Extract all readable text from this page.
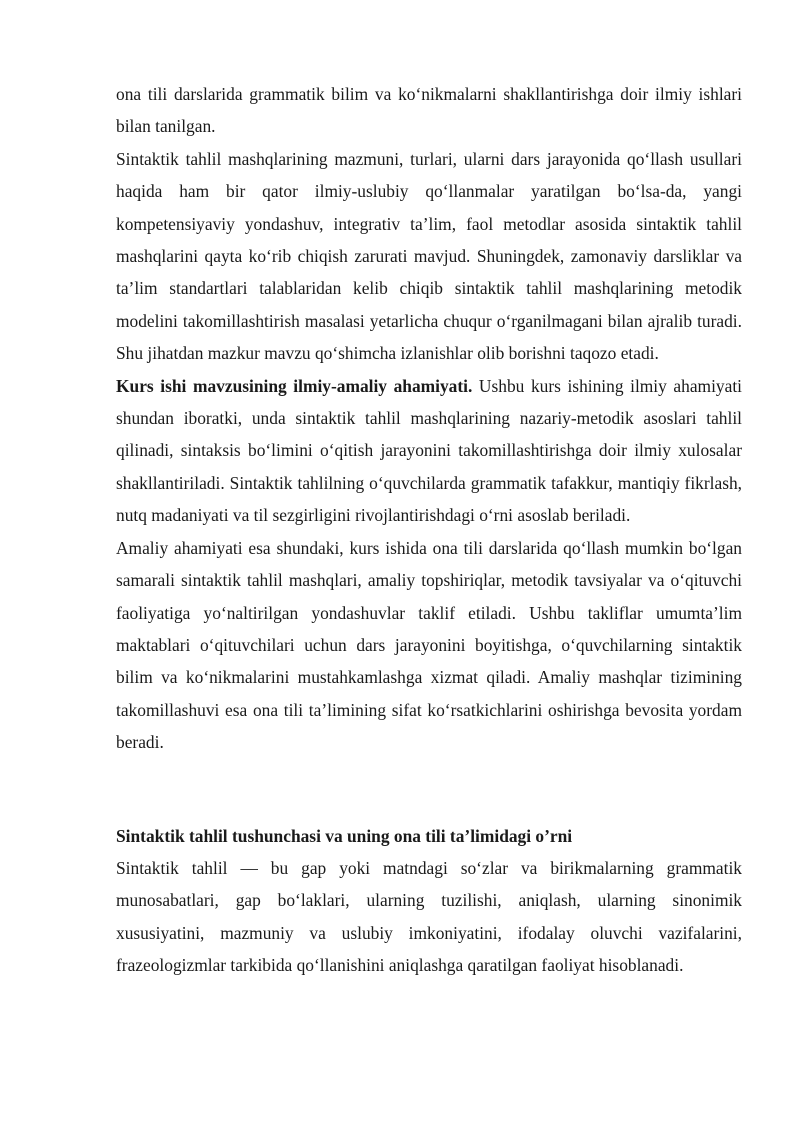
ona tili darslarida grammatik bilim va ko‘nikmalarni shakllantirishga doir ilmiy ishlari bilan tanilgan.

Sintaktik tahlil mashqlarining mazmuni, turlari, ularni dars jarayonida qo‘llash usullari haqida ham bir qator ilmiy-uslubiy qo‘llanmalar yaratilgan bo‘lsa-da, yangi kompetensiyaviy yondashuv, integrativ ta’lim, faol metodlar asosida sintaktik tahlil mashqlarini qayta ko‘rib chiqish zarurati mavjud. Shuningdek, zamonaviy darsliklar va ta’lim standartlari talablaridan kelib chiqib sintaktik tahlil mashqlarining metodik modelini takomillashtirish masalasi yetarlicha chuqur o‘rganilmagani bilan ajralib turadi. Shu jihatdan mazkur mavzu qo‘shimcha izlanishlar olib borishni taqozo etadi.

Kurs ishi mavzusining ilmiy-amaliy ahamiyati. Ushbu kurs ishining ilmiy ahamiyati shundan iboratki, unda sintaktik tahlil mashqlarining nazariy-metodik asoslari tahlil qilinadi, sintaksis bo‘limini o‘qitish jarayonini takomillashtirishga doir ilmiy xulosalar shakllantiriladi. Sintaktik tahlilning o‘quvchilarda grammatik tafakkur, mantiqiy fikrlash, nutq madaniyati va til sezgirligini rivojlantirishdagi o‘rni asoslab beriladi.

Amaliy ahamiyati esa shundaki, kurs ishida ona tili darslarida qo‘llash mumkin bo‘lgan samarali sintaktik tahlil mashqlari, amaliy topshiriqlar, metodik tavsiyalar va o‘qituvchi faoliyatiga yo‘naltirilgan yondashuvlar taklif etiladi. Ushbu takliflar umumta’lim maktablari o‘qituvchilari uchun dars jarayonini boyitishga, o‘quvchilarning sintaktik bilim va ko‘nikmalarini mustahkamlashga xizmat qiladi. Amaliy mashqlar tizimining takomillashuvi esa ona tili ta’limining sifat ko‘rsatkichlarini oshirishga bevosita yordam beradi.

Sintaktik tahlil tushunchasi va uning ona tili ta’limidagi o’rni

Sintaktik tahlil — bu gap yoki matndagi so‘zlar va birikmalarning grammatik munosabatlari, gap bo‘laklari, ularning tuzilishi, aniqlash, ularning sinonimik xususiyatini, mazmuniy va uslubiy imkoniyatini, ifodalay oluvchi vazifalarini, frazeologizmlar tarkibida qo‘llanishini aniqlashga qaratilgan faoliyat hisoblanadi.
